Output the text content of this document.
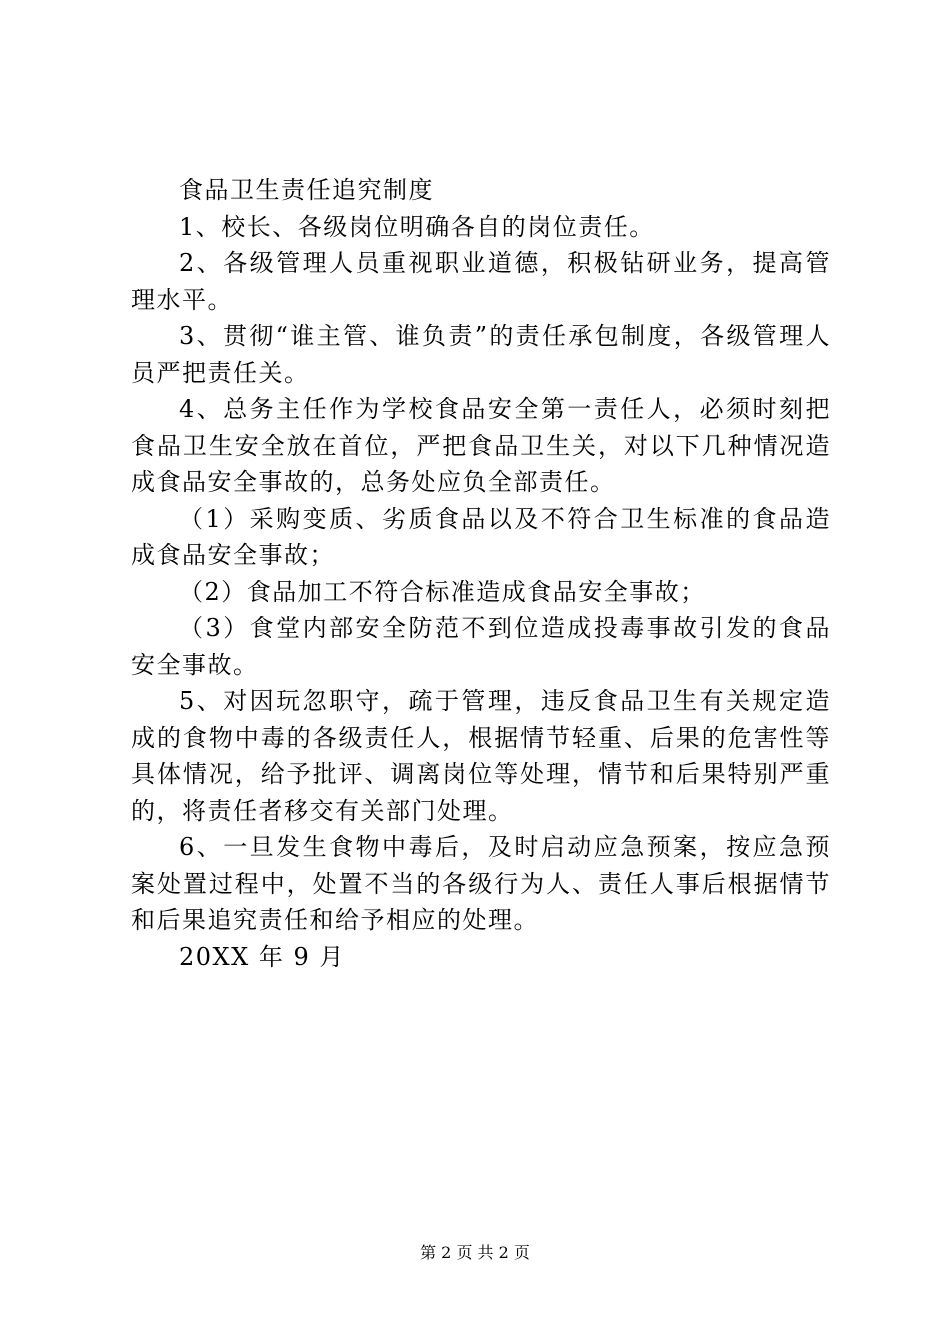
食品卫生责任追究制度

1、校长、各级岗位明确各自的岗位责任。

2、各级管理人员重视职业道德，积极钻研业务，提高管理水平。

3、贯彻“谁主管、谁负责”的责任承包制度，各级管理人员严把责任关。

4、总务主任作为学校食品安全第一责任人，必须时刻把食品卫生安全放在首位，严把食品卫生关，对以下几种情况造成食品安全事故的，总务处应负全部责任。

（1）采购变质、劣质食品以及不符合卫生标准的食品造成食品安全事故；

（2）食品加工不符合标准造成食品安全事故；

（3）食堂内部安全防范不到位造成投毒事故引发的食品安全事故。

5、对因玩忽职守，疏于管理，违反食品卫生有关规定造成的食物中毒的各级责任人，根据情节轻重、后果的危害性等具体情况，给予批评、调离岗位等处理，情节和后果特别严重的，将责任者移交有关部门处理。

6、一旦发生食物中毒后，及时启动应急预案，按应急预案处置过程中，处置不当的各级行为人、责任人事后根据情节和后果追究责任和给予相应的处理。

20XX 年 9 月

第 2 页 共 2 页
